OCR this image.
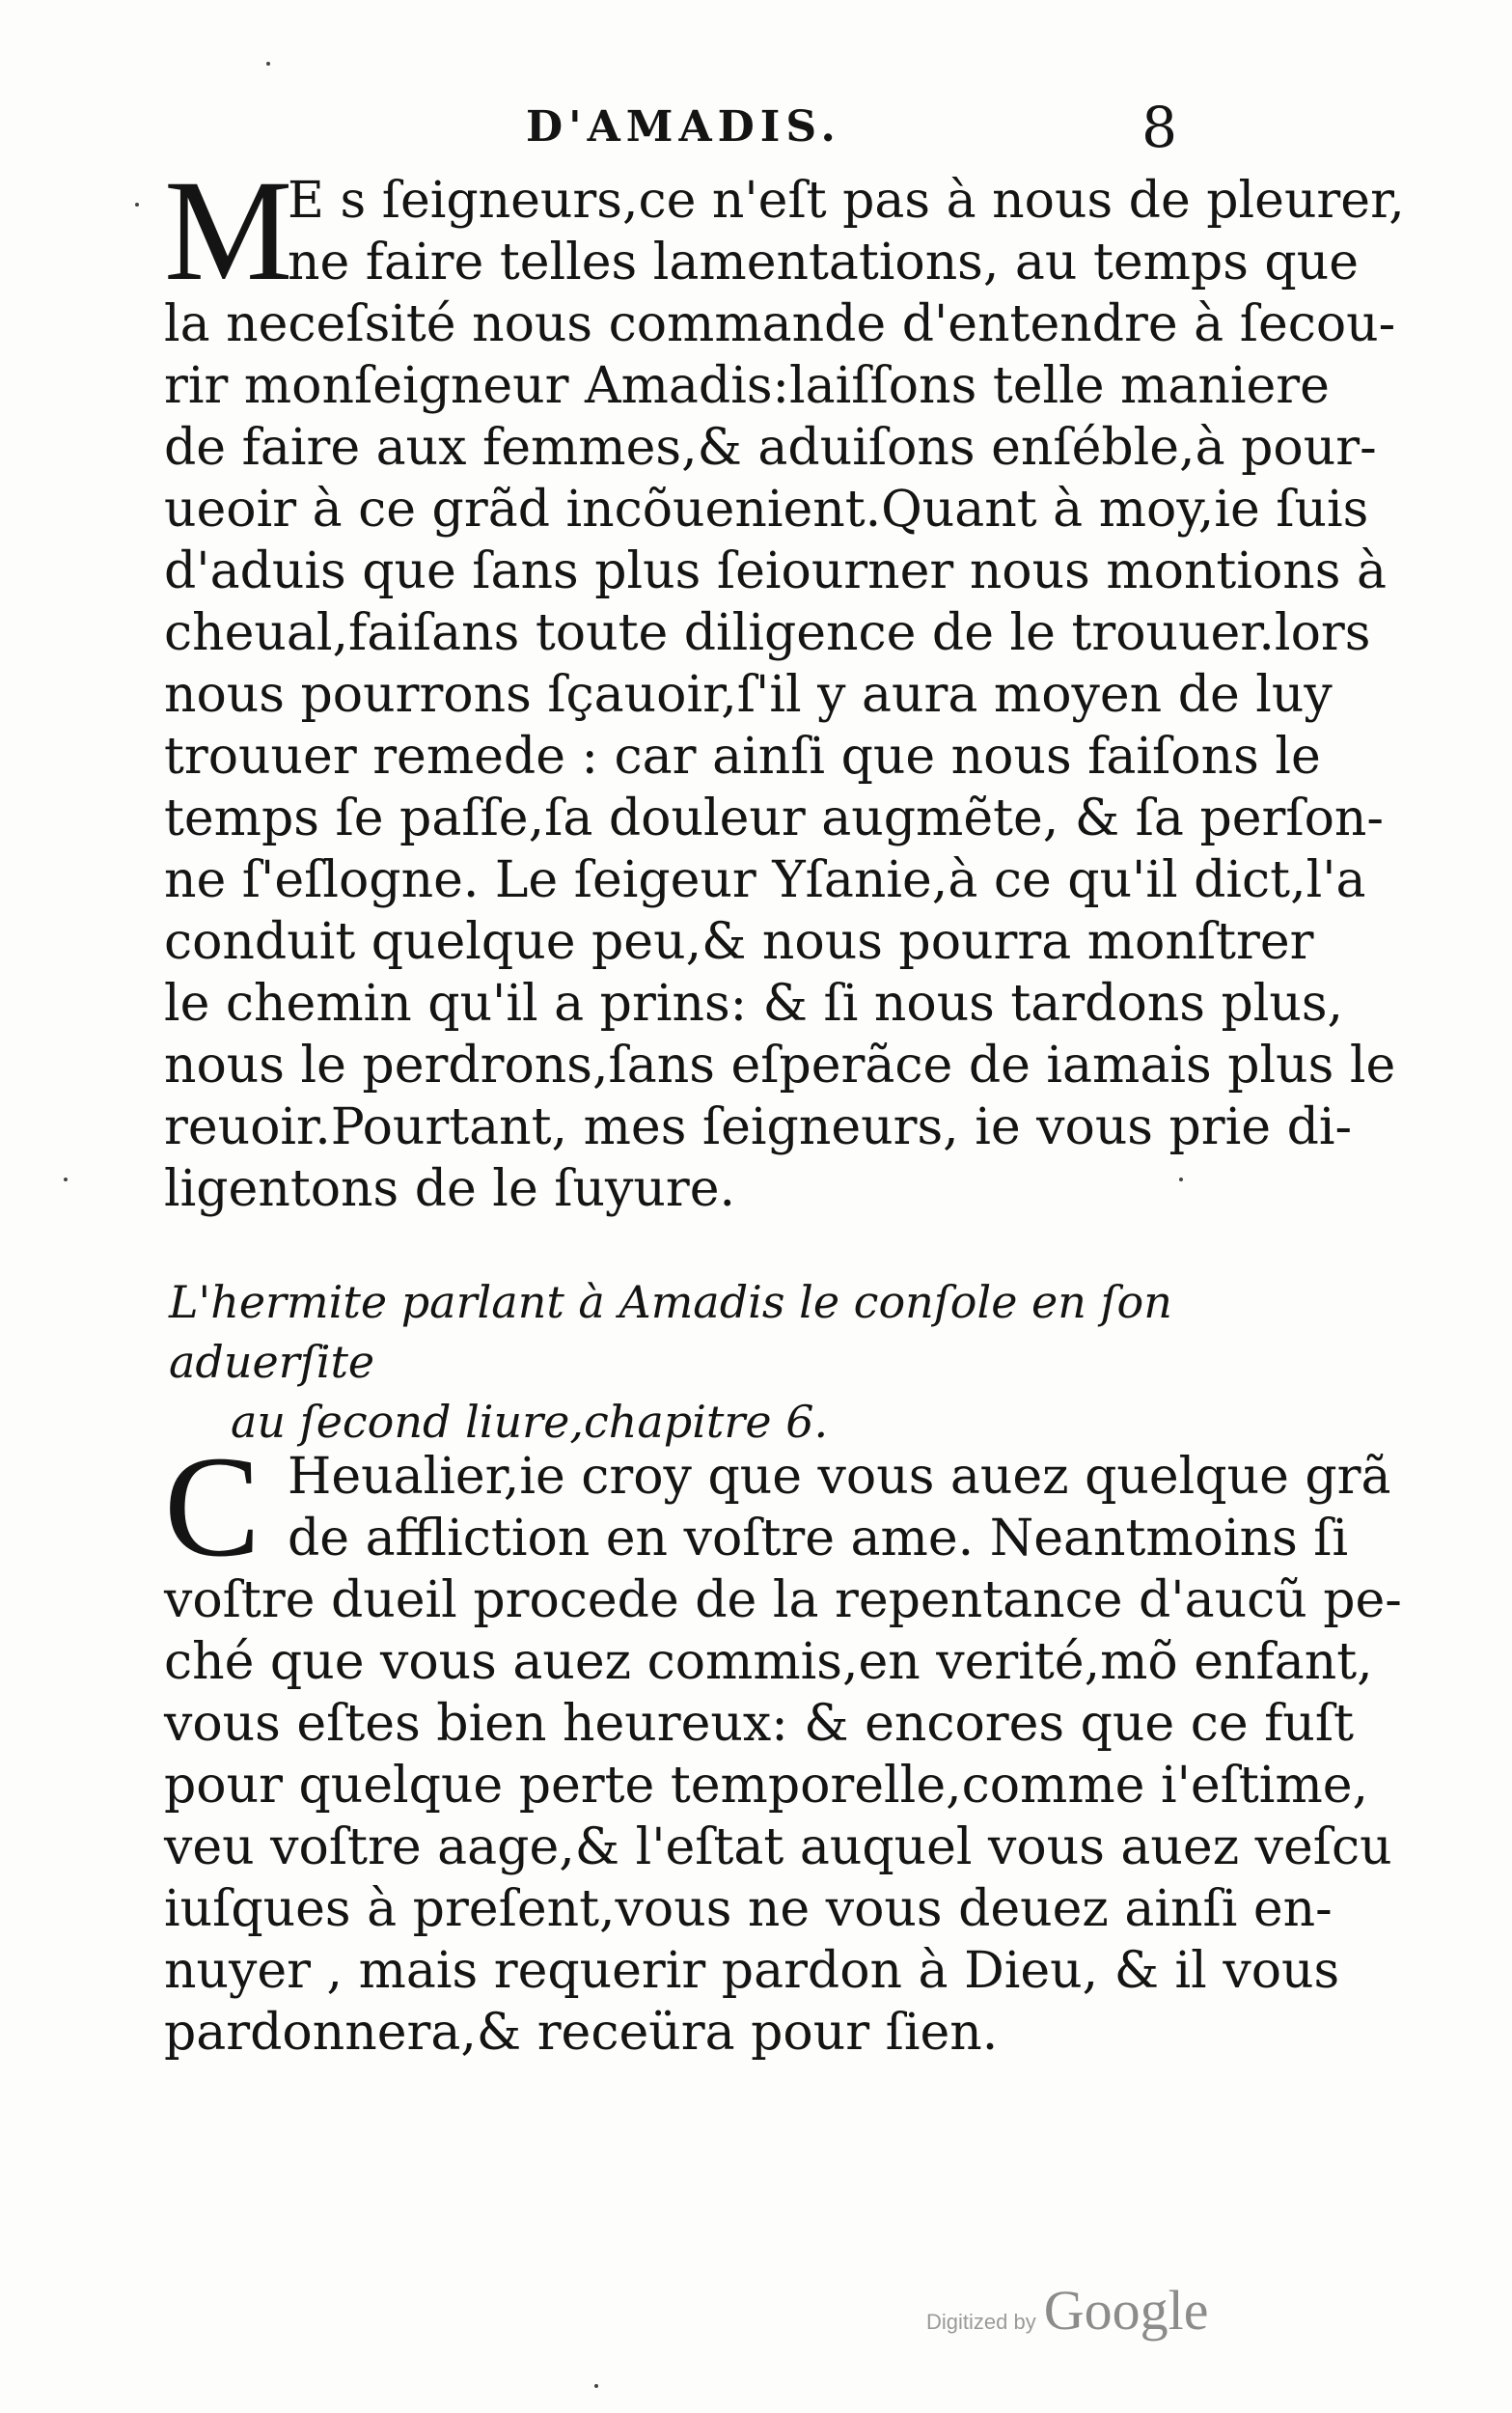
D'AMADIS.	8
M
E s ſeigneurs,ce n'eſt pas à nous de pleurer,
ne faire telles lamentations, au temps que
la neceſsité nous commande d'entendre à ſecou-
rir monſeigneur Amadis:laiſſons telle maniere
de faire aux femmes,& aduiſons enſéble,à pour-
ueoir à ce grãd incõuenient.Quant à moy,ie ſuis
d'aduis que ſans plus ſeiourner nous montions à
cheual,faiſans toute diligence de le trouuer.lors
nous pourrons ſçauoir,ſ'il y aura moyen de luy
trouuer remede : car ainſi que nous faiſons le
temps ſe paſſe,ſa douleur augmẽte, & ſa perſon-
ne ſ'eſlogne. Le ſeigeur Yſanie,à ce qu'il dict,l'a
conduit quelque peu,& nous pourra monſtrer
le chemin qu'il a prins: & ſi nous tardons plus,
nous le perdrons,ſans eſperãce de iamais plus le
reuoir.Pourtant, mes ſeigneurs, ie vous prie di-
ligentons de le ſuyure.
L'hermite parlant à Amadis le conſole en ſon aduerſite
au ſecond liure,chapitre 6.
C Heualier,ie croy que vous auez quelque grã
de affliction en voſtre ame. Neantmoins ſi
voſtre dueil procede de la repentance d'aucũ pe-
ché que vous auez commis,en verité,mõ enfant,
vous eſtes bien heureux: & encores que ce fuſt
pour quelque perte temporelle,comme i'eſtime,
veu voſtre aage,& l'eſtat auquel vous auez veſcu
iuſques à preſent,vous ne vous deuez ainſi en-
nuyer , mais requerir pardon à Dieu, & il vous
pardonnera,& receüra pour ſien.
Digitized by Google
